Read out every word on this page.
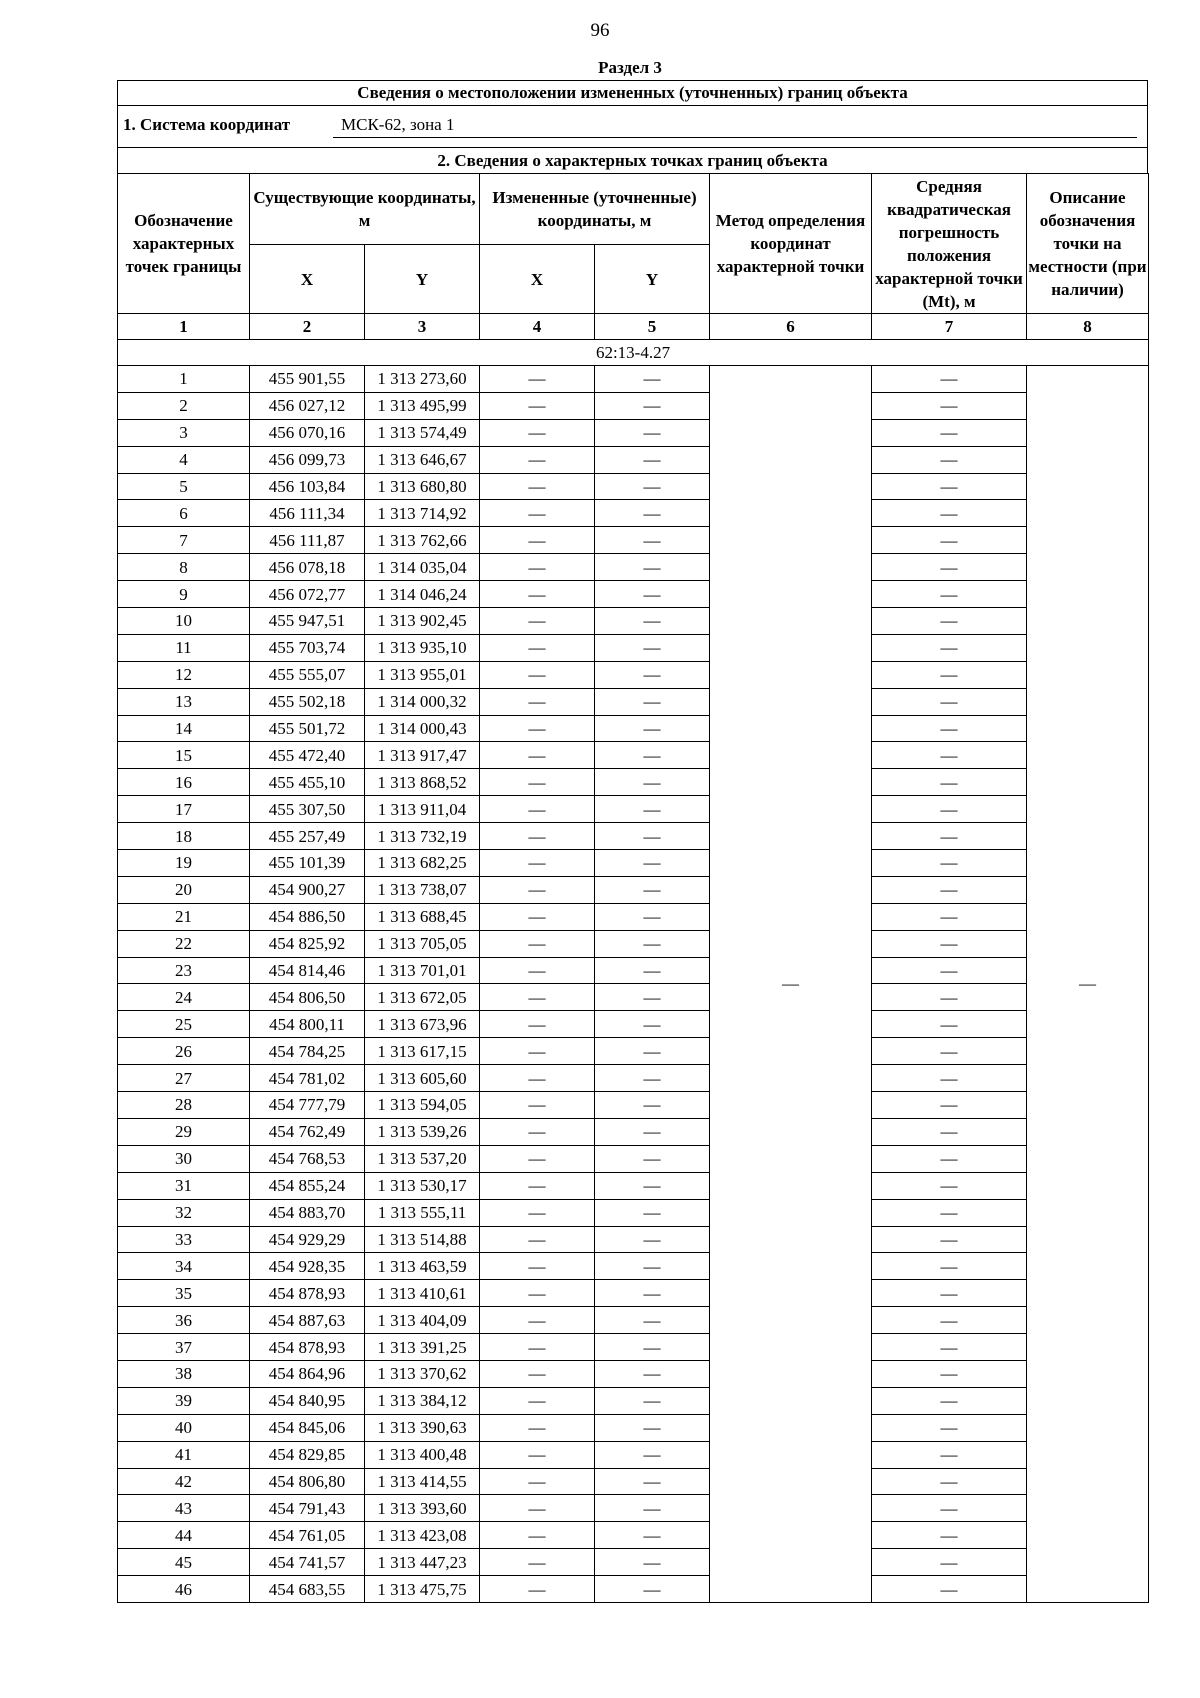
96
Раздел 3
Сведения о местоположении измененных (уточненных) границ объекта
1. Система координат	МСК-62, зона 1
2. Сведения о характерных точках границ объекта
Обозначение характерных точек границы	Существующие координаты, м		Измененные (уточненные) координаты, м		Метод определения координат характерной точки	Средняя квадратическая погрешность положения характерной точки (Mt), м	Описание обозначения точки на местности (при наличии)
	X	Y	X	Y			
1	2	3	4	5	6	7	8
62:13-4.27							
1	455 901,55	1 313 273,60	—	—	—	—	—
2	456 027,12	1 313 495,99	—	—		—	
3	456 070,16	1 313 574,49	—	—		—	
4	456 099,73	1 313 646,67	—	—		—	
5	456 103,84	1 313 680,80	—	—		—	
6	456 111,34	1 313 714,92	—	—		—	
7	456 111,87	1 313 762,66	—	—		—	
8	456 078,18	1 314 035,04	—	—		—	
9	456 072,77	1 314 046,24	—	—		—	
10	455 947,51	1 313 902,45	—	—		—	
11	455 703,74	1 313 935,10	—	—		—	
12	455 555,07	1 313 955,01	—	—		—	
13	455 502,18	1 314 000,32	—	—		—	
14	455 501,72	1 314 000,43	—	—		—	
15	455 472,40	1 313 917,47	—	—		—	
16	455 455,10	1 313 868,52	—	—		—	
17	455 307,50	1 313 911,04	—	—		—	
18	455 257,49	1 313 732,19	—	—		—	
19	455 101,39	1 313 682,25	—	—		—	
20	454 900,27	1 313 738,07	—	—		—	
21	454 886,50	1 313 688,45	—	—		—	
22	454 825,92	1 313 705,05	—	—		—	
23	454 814,46	1 313 701,01	—	—		—	
24	454 806,50	1 313 672,05	—	—		—	
25	454 800,11	1 313 673,96	—	—		—	
26	454 784,25	1 313 617,15	—	—		—	
27	454 781,02	1 313 605,60	—	—		—	
28	454 777,79	1 313 594,05	—	—		—	
29	454 762,49	1 313 539,26	—	—		—	
30	454 768,53	1 313 537,20	—	—		—	
31	454 855,24	1 313 530,17	—	—		—	
32	454 883,70	1 313 555,11	—	—		—	
33	454 929,29	1 313 514,88	—	—		—	
34	454 928,35	1 313 463,59	—	—		—	
35	454 878,93	1 313 410,61	—	—		—	
36	454 887,63	1 313 404,09	—	—		—	
37	454 878,93	1 313 391,25	—	—		—	
38	454 864,96	1 313 370,62	—	—		—	
39	454 840,95	1 313 384,12	—	—		—	
40	454 845,06	1 313 390,63	—	—		—	
41	454 829,85	1 313 400,48	—	—		—	
42	454 806,80	1 313 414,55	—	—		—	
43	454 791,43	1 313 393,60	—	—		—	
44	454 761,05	1 313 423,08	—	—		—	
45	454 741,57	1 313 447,23	—	—		—	
46	454 683,55	1 313 475,75	—	—		—	
